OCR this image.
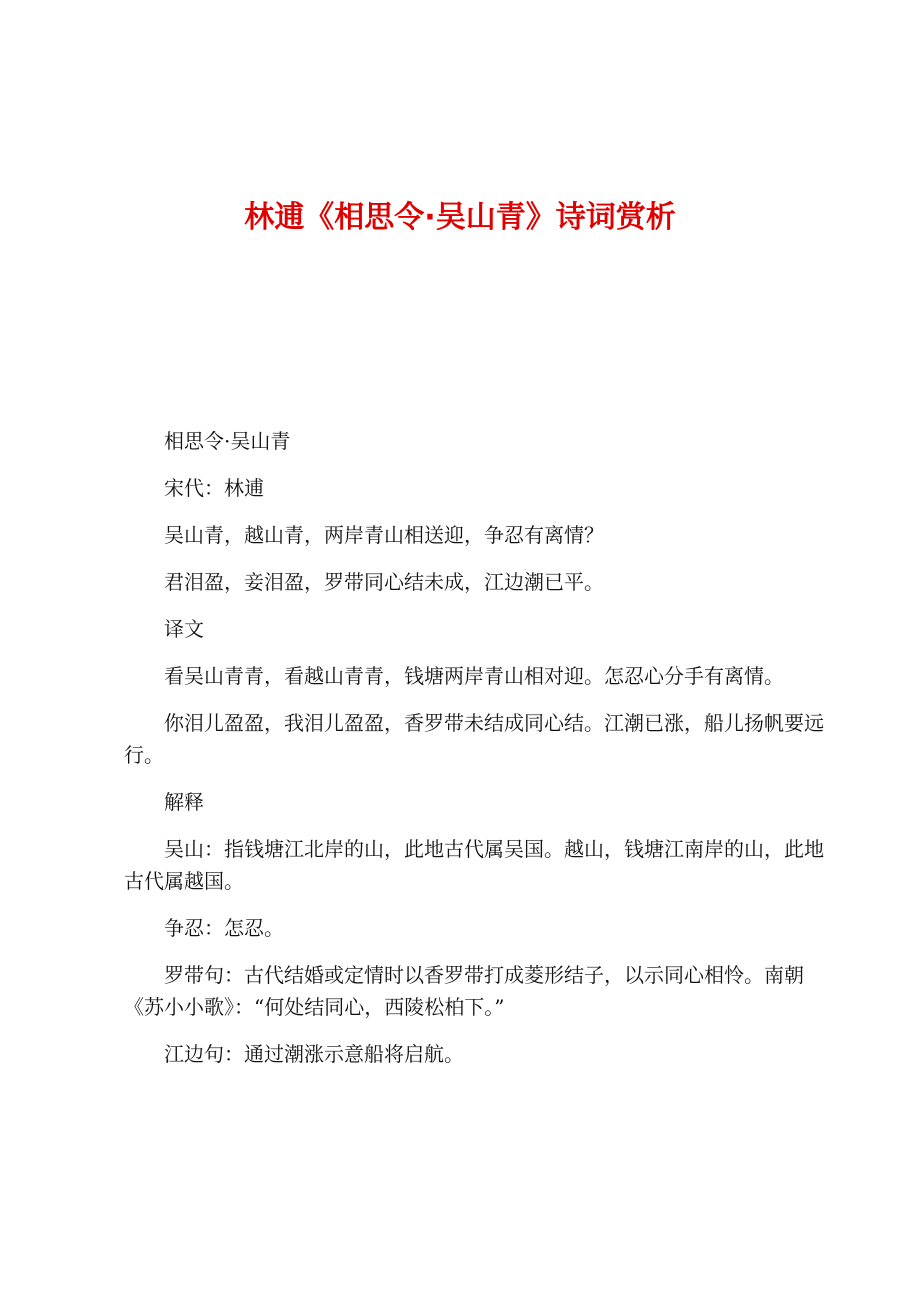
林逋《相思令·吴山青》诗词赏析

相思令·吴山青

宋代：林逋

吴山青，越山青，两岸青山相送迎，争忍有离情？

君泪盈，妾泪盈，罗带同心结未成，江边潮已平。

译文

看吴山青青，看越山青青，钱塘两岸青山相对迎。怎忍心分手有离情。

你泪儿盈盈，我泪儿盈盈，香罗带未结成同心结。江潮已涨，船儿扬帆要远行。

解释

吴山：指钱塘江北岸的山，此地古代属吴国。越山，钱塘江南岸的山，此地古代属越国。

争忍：怎忍。

罗带句：古代结婚或定情时以香罗带打成菱形结子，以示同心相怜。南朝《苏小小歌》：“何处结同心，西陵松柏下。”

江边句：通过潮涨示意船将启航。
